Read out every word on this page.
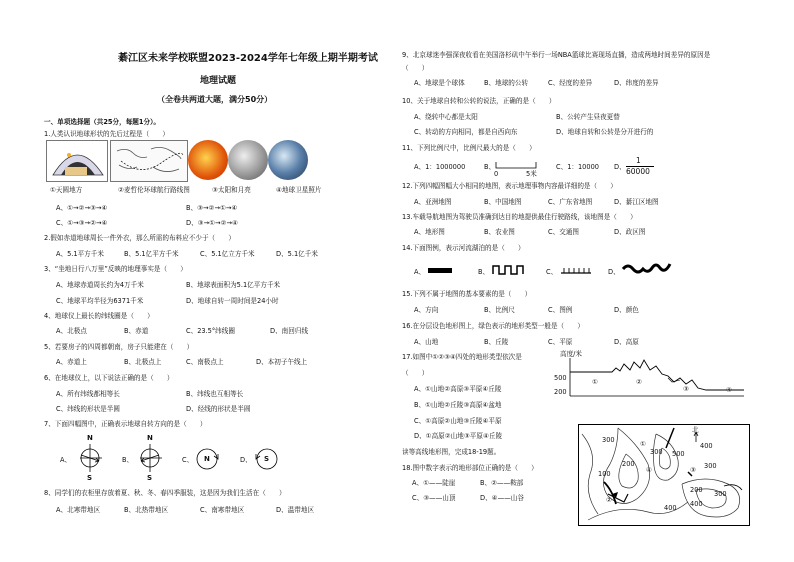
綦江区未来学校联盟2023-2024学年七年级上期半期考试
地理试题
（全卷共两道大题，满分50分）
一、单项选择题（共25分，每题1分）。
1.人类认识地球形状的先后过程是（　　）
①天圆地方	②麦哲伦环球航行路线图	③太阳和月亮	④地球卫星照片
A、①→②→③→④	B、③→②→①→④
C、①→③→②→④	D、③→①→②→④
2.假如赤道地球周长一件外衣，那么所需的布料应不少于（　　）
A、5.1平方千米	B、5.1亿平方千米	C、5.1亿立方千米	D、5.1亿千米
3、“坐地日行八万里”反映的地理事实是（　　）
A、地球赤道周长约为4万千米	B、地球表面积为5.1亿平方千米
C、地球平均半径为6371千米	D、地球自转一周时间是24小时
4、地球仪上最长的纬线圈是（　　）
A、北极点	B、赤道	C、23.5°纬线圈	D、南回归线
5、若要房子的四周都朝南，房子只能建在（　　）
A、赤道上	B、北极点上	C、南极点上	D、本初子午线上
6、在地球仪上，以下说法正确的是（　　）
A、所有纬线都相等长	B、纬线也互相等长
C、纬线的形状是半圆	D、经线的形状是半圆
7、下面四幅图中，正确表示地球自转方向的是（　　）
A、	B、	C、	D、
N
S
N
S
N	S
8、同学们的衣柜里存放着夏、秋、冬、春四季服装，这是因为我们生活在（　　）
A、北寒带地区	B、北热带地区	C、南寒带地区	D、温带地区
9、北京球迷李强深夜收看在美国洛杉矶中午举行一场NBA篮球比赛现场直播，造成两地时间差异的原因是
（　　）
A、地球是个球体	B、地球的公转	C、经度的差异	D、纬度的差异
10、关于地球自转和公转的说法，正确的是（　　）
A、绕转中心都是太阳	B、公转产生昼夜更替
C、转动的方向相同，都是自西向东	D、地球自转和公转是分开进行的
11、下列比例尺中，比例尺最大的是（　　）
A、1：1000000	B、
0	5米
C、1：10000 D、
1
60000
12.下列四幅图幅大小相同的地图，表示地理事物内容最详细的是（　　）
A、亚洲地图	B、中国地图	C、广东省地图	D、綦江区地图
13.车载导航地图为驾驶员准确到达目的地提供最佳行驶路线，该地图是（　　）
A、地形图	B、农业图	C、交通图	D、政区图
14.下面图例，表示河流湖泊的是（　　）
A、	B、	C、	D、
15.下列不属于地图的基本要素的是（　　）
A、方向	B、比例尺	C、图例	D、颜色
16.在分层设色地形图上，绿色表示的地形类型一般是（　　）
A、山地	B、丘陵	C、平原	D、高原
17.如图中①②③④四处的地形类型依次是
（　　）
A、①山地②高原③平原④丘陵
B、①山地②丘陵③高原④盆地
C、①高原②山地③丘陵④平原
D、①高原②山地③平原④丘陵
高度/米
500
200
①	②
③	④
读等高线地形图，完成18-19题。
18.图中数字表示的地形部位正确的是（　　）
A、①——陡崖	B、②——鞍部
C、③——山顶	D、④——山谷
北
300
200
300 500
400
300
100
200
400
300
400
①
②
③
④
